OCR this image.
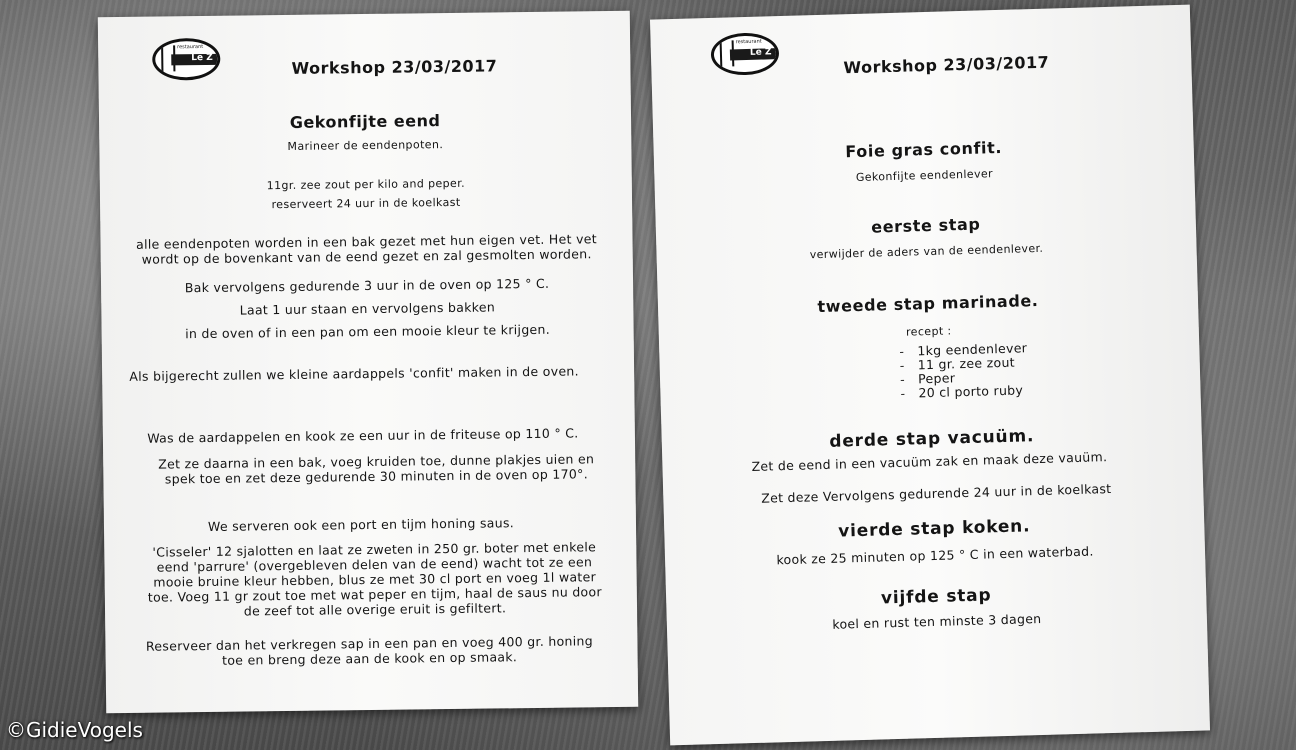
Le Z
restaurant
Workshop 23/03/2017
Gekonfijte eend
Marineer de eendenpoten.
11gr. zee zout per kilo and peper.
reserveert 24 uur in de koelkast
alle eendenpoten worden in een bak gezet met hun eigen vet. Het vet wordt op de bovenkant van de eend gezet en zal gesmolten worden.
Bak vervolgens gedurende 3 uur in de oven op 125 ° C.
Laat 1 uur staan en vervolgens bakken
in de oven of in een pan om een mooie kleur te krijgen.
Als bijgerecht zullen we kleine aardappels 'confit' maken in de oven.
Was de aardappelen en kook ze een uur in de friteuse op 110 ° C.
Zet ze daarna in een bak, voeg kruiden toe, dunne plakjes uien en spek toe en zet deze gedurende 30 minuten in de oven op 170°.
We serveren ook een port en tijm honing saus.
'Cisseler' 12 sjalotten en laat ze zweten in 250 gr. boter met enkele eend 'parrure' (overgebleven delen van de eend) wacht tot ze een mooie bruine kleur hebben, blus ze met 30 cl port en voeg 1l water toe. Voeg 11 gr zout toe met wat peper en tijm, haal de saus nu door de zeef tot alle overige eruit is gefiltert.
Reserveer dan het verkregen sap in een pan en voeg 400 gr. honing toe en breng deze aan de kook en op smaak.
Le Z
restaurant
Workshop 23/03/2017
Foie gras confit.
Gekonfijte eendenlever
eerste stap
verwijder de aders van de eendenlever.
tweede stap marinade.
recept :
- 1kg eendenlever
- 11 gr. zee zout
- Peper
- 20 cl porto ruby
derde stap vacuüm.
Zet de eend in een vacuüm zak en maak deze vauüm.
Zet deze Vervolgens gedurende 24 uur in de koelkast
vierde stap koken.
kook ze 25 minuten op 125 ° C in een waterbad.
vijfde stap
koel en rust ten minste 3 dagen
©GidieVogels
